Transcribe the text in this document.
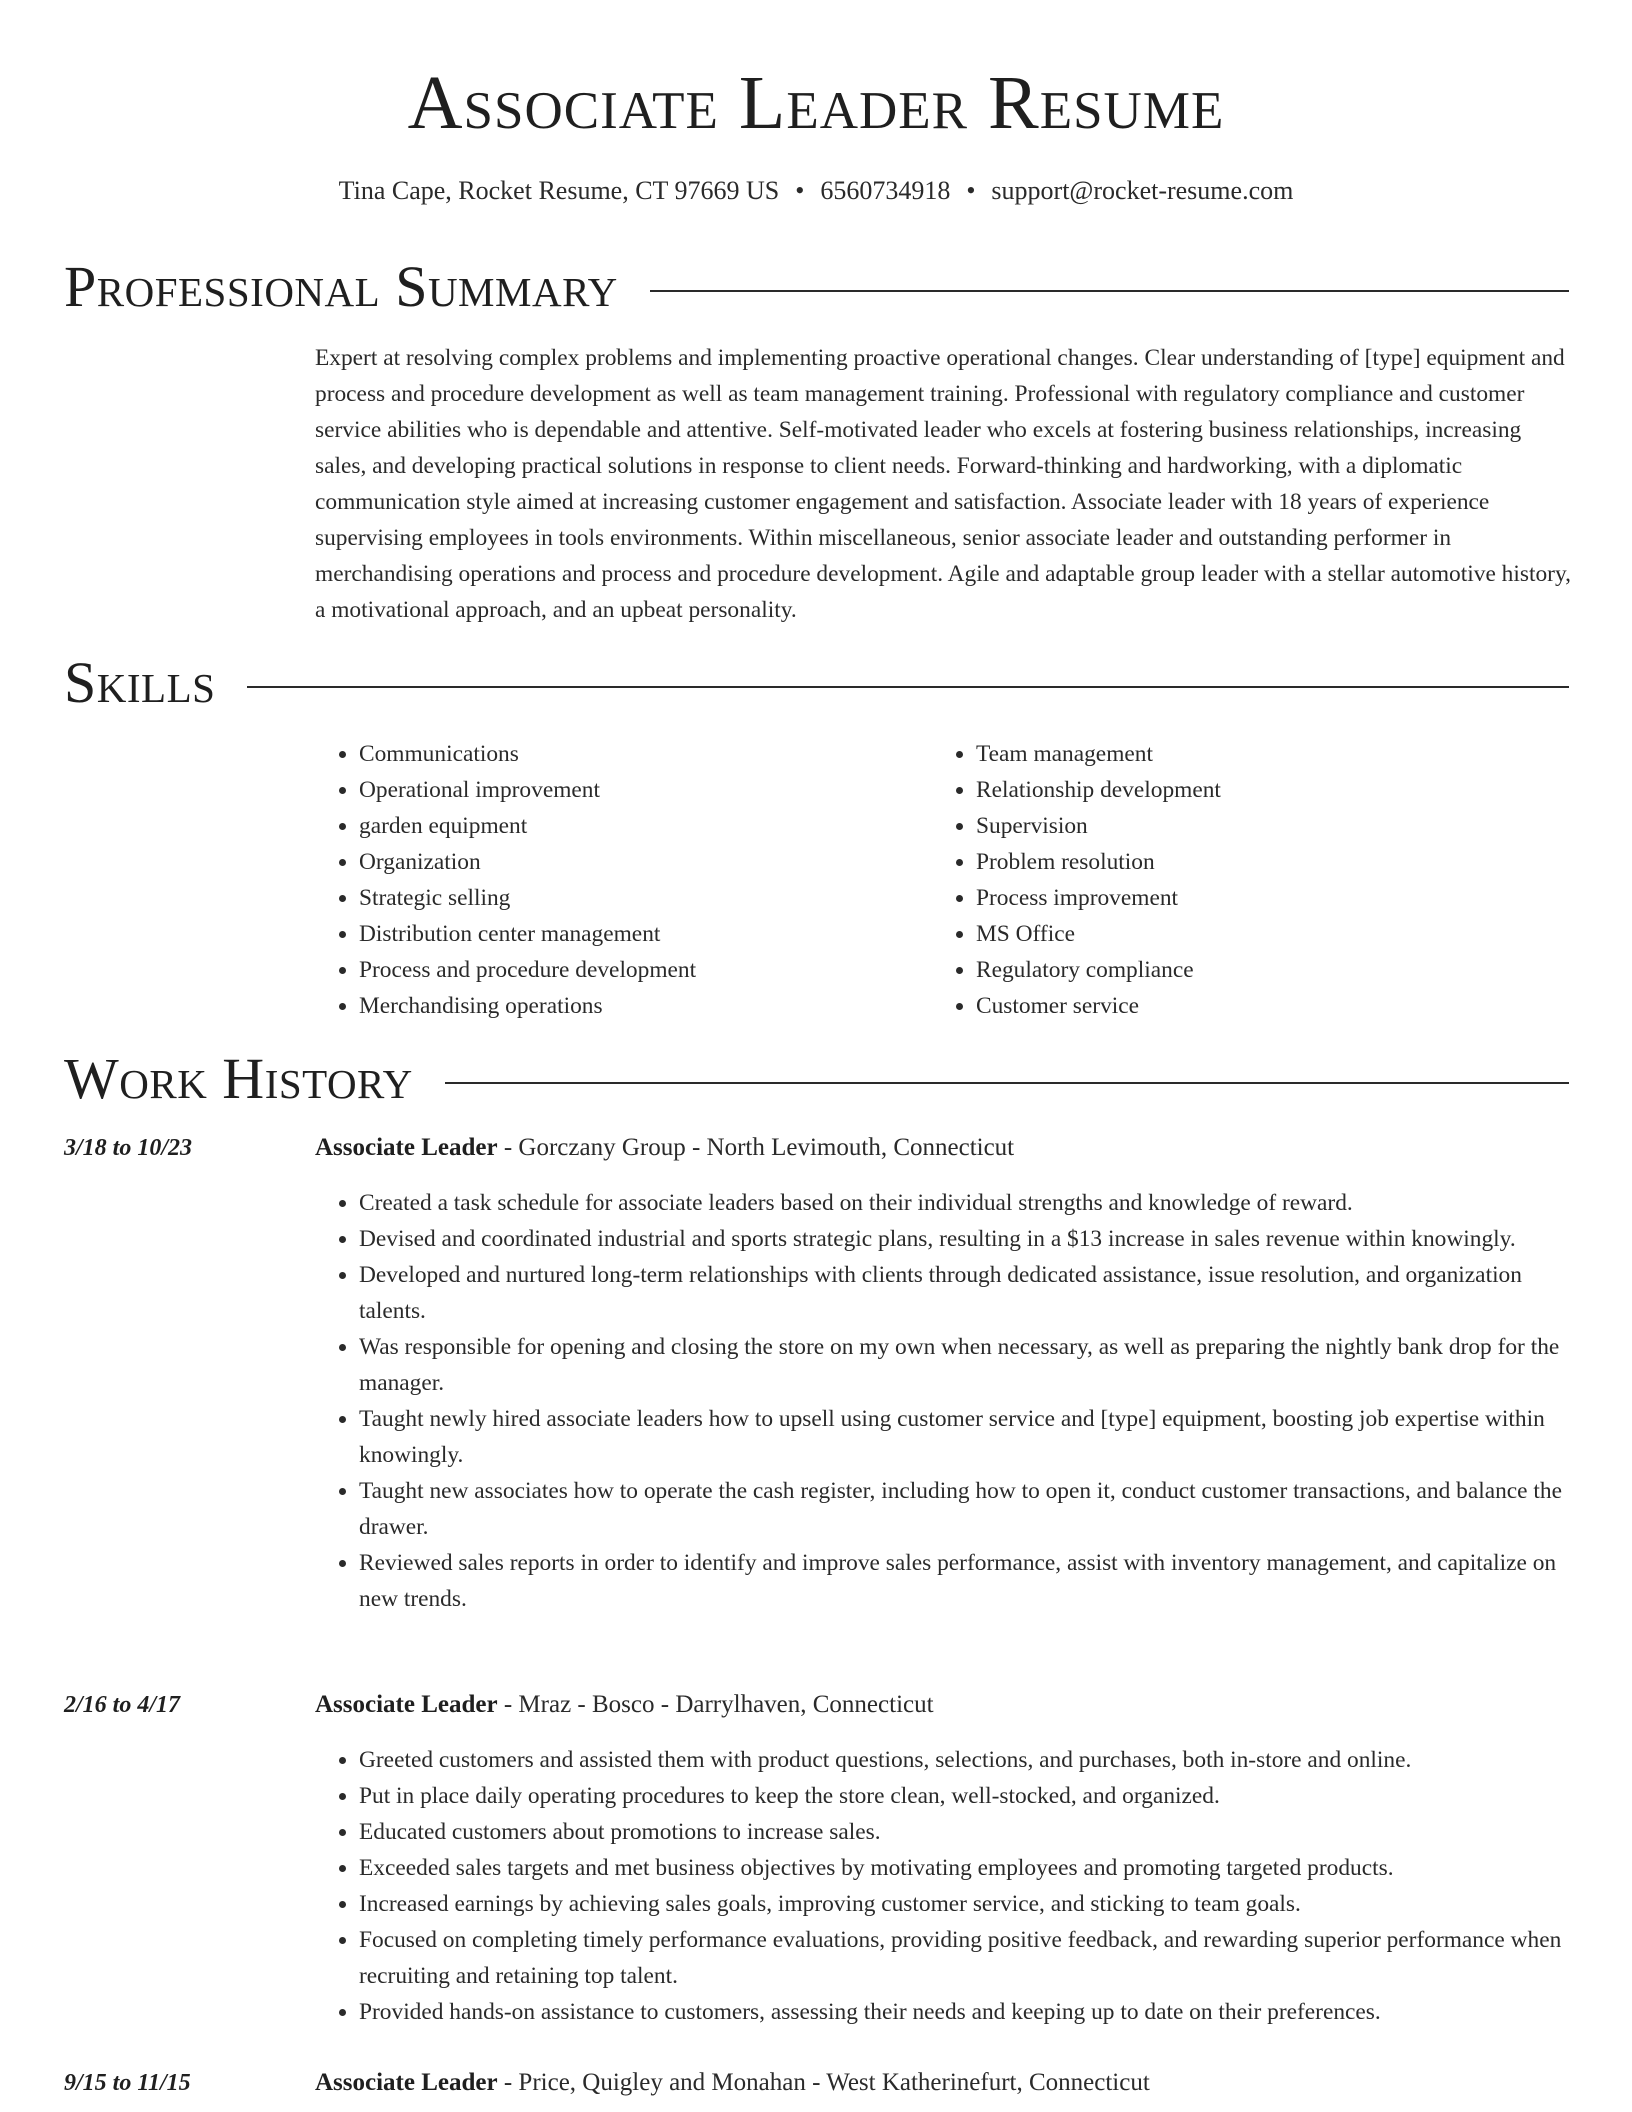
Associate Leader Resume
Tina Cape, Rocket Resume, CT 97669 US • 6560734918 • support@rocket-resume.com
Professional Summary

Expert at resolving complex problems and implementing proactive operational changes. Clear understanding of [type] equipment and process and procedure development as well as team management training. Professional with regulatory compliance and customer service abilities who is dependable and attentive. Self-motivated leader who excels at fostering business relationships, increasing sales, and developing practical solutions in response to client needs. Forward-thinking and hardworking, with a diplomatic communication style aimed at increasing customer engagement and satisfaction. Associate leader with 18 years of experience supervising employees in tools environments. Within miscellaneous, senior associate leader and outstanding performer in merchandising operations and process and procedure development. Agile and adaptable group leader with a stellar automotive history, a motivational approach, and an upbeat personality.

Skills
• Communications
• Operational improvement
• garden equipment
• Organization
• Strategic selling
• Distribution center management
• Process and procedure development
• Merchandising operations
• Team management
• Relationship development
• Supervision
• Problem resolution
• Process improvement
• MS Office
• Regulatory compliance
• Customer service
Work History
3/18 to 10/23	Associate Leader - Gorczany Group - North Levimouth, Connecticut
• Created a task schedule for associate leaders based on their individual strengths and knowledge of reward.
• Devised and coordinated industrial and sports strategic plans, resulting in a $13 increase in sales revenue within knowingly.
• Developed and nurtured long-term relationships with clients through dedicated assistance, issue resolution, and organization talents.
• Was responsible for opening and closing the store on my own when necessary, as well as preparing the nightly bank drop for the manager.
• Taught newly hired associate leaders how to upsell using customer service and [type] equipment, boosting job expertise within knowingly.
• Taught new associates how to operate the cash register, including how to open it, conduct customer transactions, and balance the drawer.
• Reviewed sales reports in order to identify and improve sales performance, assist with inventory management, and capitalize on new trends.
2/16 to 4/17	Associate Leader - Mraz - Bosco - Darrylhaven, Connecticut
• Greeted customers and assisted them with product questions, selections, and purchases, both in-store and online.
• Put in place daily operating procedures to keep the store clean, well-stocked, and organized.
• Educated customers about promotions to increase sales.
• Exceeded sales targets and met business objectives by motivating employees and promoting targeted products.
• Increased earnings by achieving sales goals, improving customer service, and sticking to team goals.
• Focused on completing timely performance evaluations, providing positive feedback, and rewarding superior performance when recruiting and retaining top talent.
• Provided hands-on assistance to customers, assessing their needs and keeping up to date on their preferences.
9/15 to 11/15	Associate Leader - Price, Quigley and Monahan - West Katherinefurt, Connecticut
